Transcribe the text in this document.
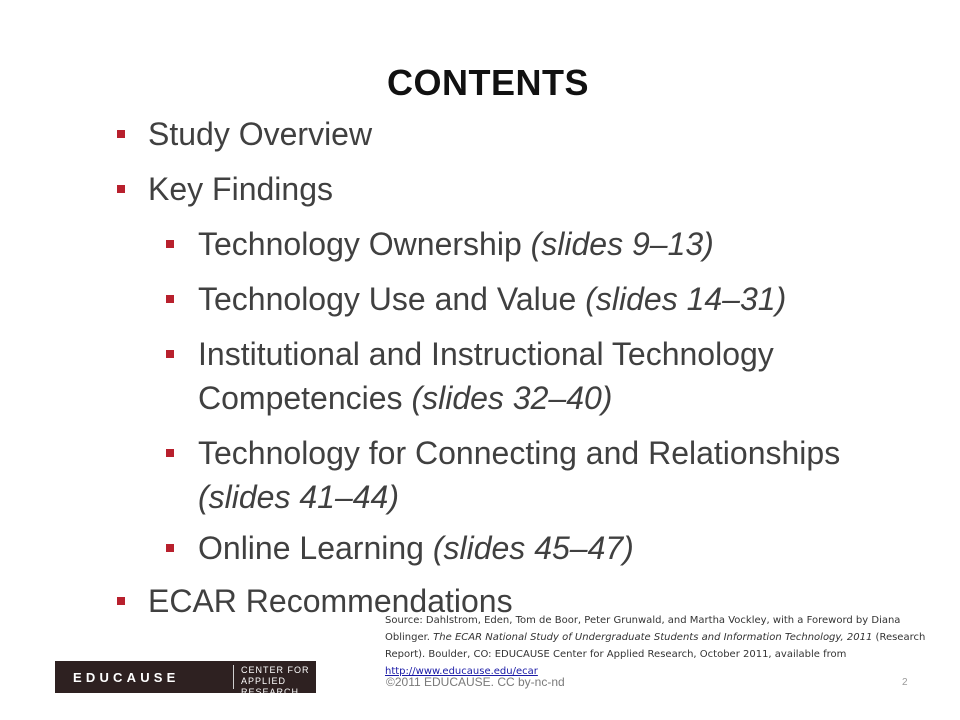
CONTENTS
Study Overview
Key Findings
Technology Ownership (slides 9–13)
Technology Use and Value (slides 14–31)
Institutional and Instructional Technology
Competencies (slides 32–40)
Technology for Connecting and Relationships
(slides 41–44)
Online Learning (slides 45–47)
ECAR Recommendations
Source: Dahlstrom, Eden, Tom de Boor, Peter Grunwald, and Martha Vockley, with a Foreword by Diana Oblinger. The ECAR National Study of Undergraduate Students and Information Technology, 2011 (Research Report). Boulder, CO: EDUCAUSE Center for Applied Research, October 2011, available from http://www.educause.edu/ecar
EDUCAUSE	CENTER FOR
APPLIED RESEARCH
©2011 EDUCAUSE. CC by-nc-nd	2
